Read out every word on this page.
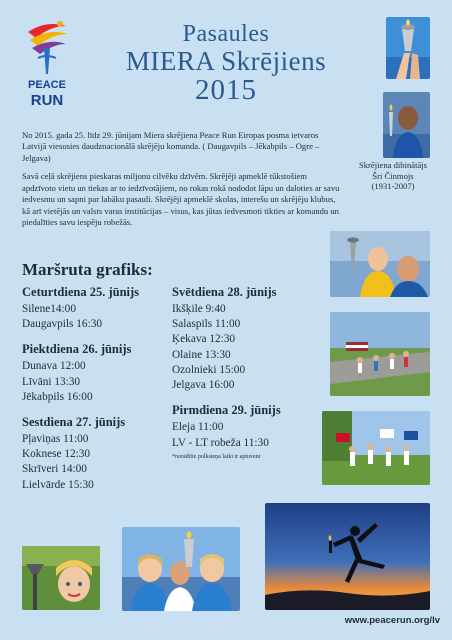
PEACE
RUN
Pasaules
MIERA Skrējiens
2015

No 2015. gada 25. līdz 29. jūnijam Miera skrējiena Peace Run Eiropas posma ietvaros Latvijā viesosies daudznacionālā skrējēju komanda. ( Daugavpils – Jēkabpils – Ogre – Jelgava)

Savā ceļā skrējiens pieskaras miljonu cilvēku dzīvēm. Skrējēji apmeklē tūkstošiem apdzīvoto vietu un tiekas ar to iedzīvotājiem, no rokas rokā nododot lāpu un daloties ar savu iedvesmu un sapni par labāku pasauli. Skrējēji apmeklē skolas, interešu un skrējēju klubus, kā arī vietējās un valsts varas institūcijas – visus, kas jūtas iedvesmoti tikties ar komandu un piedalīties savu iespēju robežās.

Skrējiena dibinātājs
Šri Činmojs
(1931-2007)
Maršruta grafiks:
Ceturtdiena 25. jūnijs
Silene14:00
Daugavpils 16:30
Piektdiena 26. jūnijs
Dunava 12:00
Līvāni 13:30
Jēkabpils 16:00
Sestdiena 27. jūnijs
Pļaviņas 11:00
Koknese 12:30
Skrīveri 14:00
Lielvārde 15:30
Svētdiena 28. jūnijs
Ikšķile 9:40
Salaspils 11:00
Ķekava 12:30
Olaine 13:30
Ozolnieki 15:00
Jelgava 16:00
Pirmdiena 29. jūnijs
Eleja 11:00
LV - LT robeža 11:30
*norādītie pulksteņa laiki ir aptuveni
www.peacerun.org/lv
